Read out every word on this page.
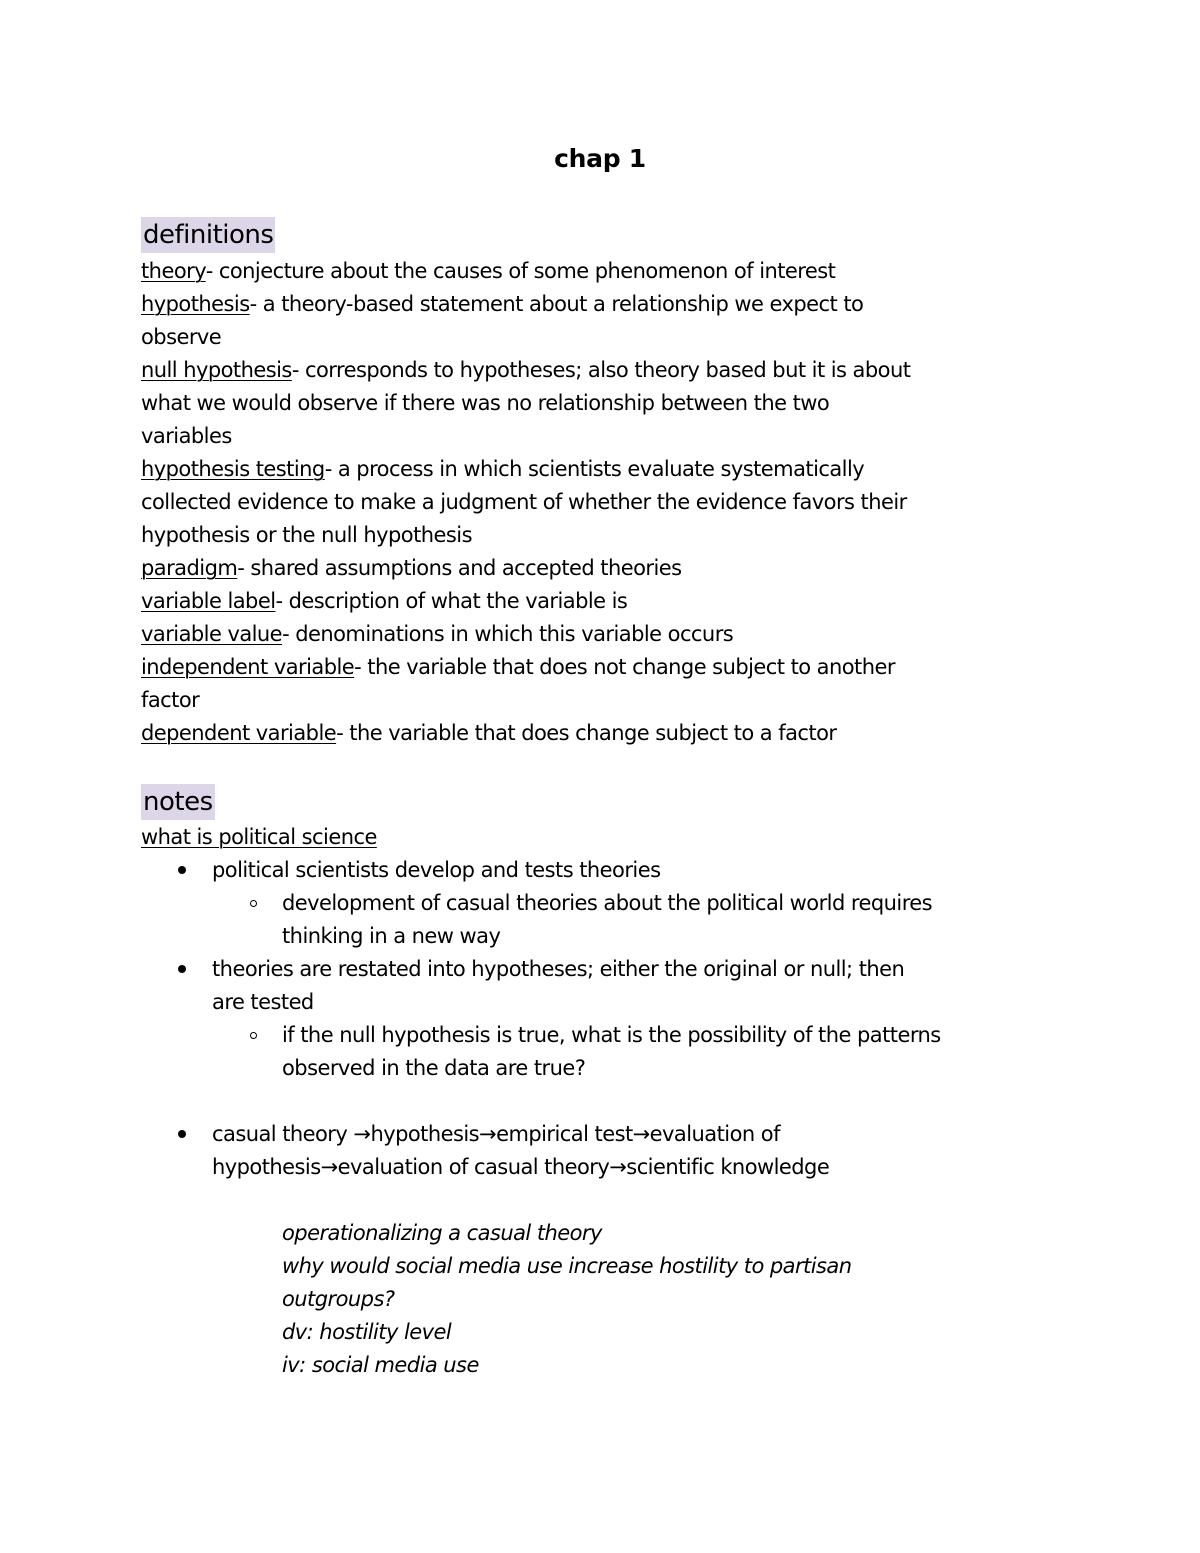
chap 1
definitions
theory- conjecture about the causes of some phenomenon of interest
hypothesis- a theory-based statement about a relationship we expect to
observe
null hypothesis- corresponds to hypotheses; also theory based but it is about
what we would observe if there was no relationship between the two
variables
hypothesis testing- a process in which scientists evaluate systematically
collected evidence to make a judgment of whether the evidence favors their
hypothesis or the null hypothesis
paradigm- shared assumptions and accepted theories
variable label- description of what the variable is
variable value- denominations in which this variable occurs
independent variable- the variable that does not change subject to another
factor
dependent variable- the variable that does change subject to a factor
notes
what is political science
political scientists develop and tests theories
development of casual theories about the political world requires
thinking in a new way
theories are restated into hypotheses; either the original or null; then
are tested
if the null hypothesis is true, what is the possibility of the patterns
observed in the data are true?
casual theory →hypothesis→empirical test→evaluation of
hypothesis→evaluation of casual theory→scientific knowledge
operationalizing a casual theory
why would social media use increase hostility to partisan
outgroups?
dv: hostility level
iv: social media use
